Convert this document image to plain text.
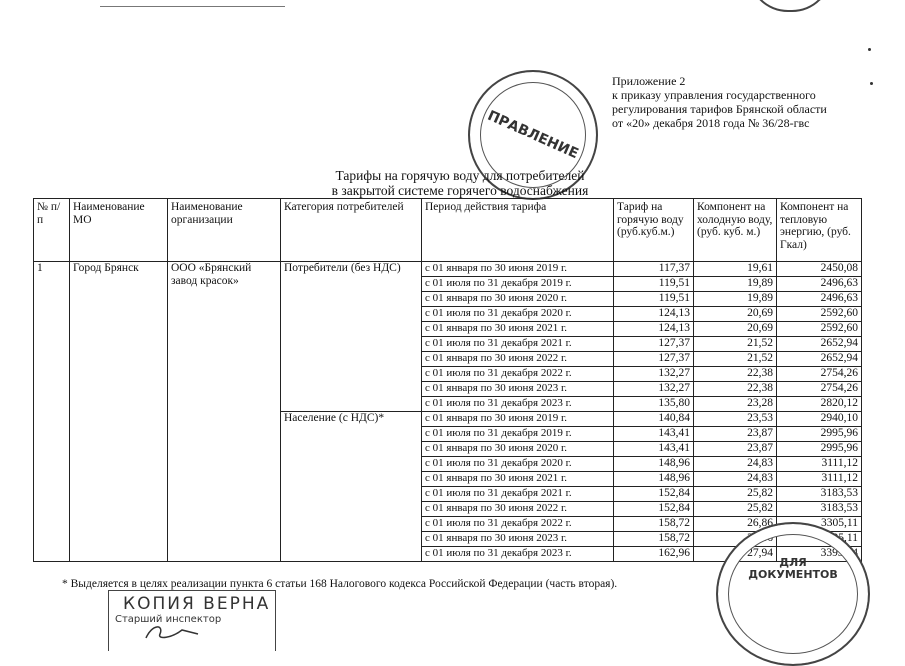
Приложение 2
к приказу управления государственного
регулирования тарифов Брянской области
от «20» декабря 2018 года № 36/28-гвс
ПРАВЛЕНИЕ
Тарифы на горячую воду для потребителей
в закрытой системе горячего водоснабжения
№ п/п	Наименование МО	Наименование организации	Категория потребителей	Период действия тарифа	Тариф на горячую воду (руб.куб.м.)	Компонент на холодную воду, (руб. куб. м.)	Компонент на тепловую энергию, (руб. Гкал)
1	Город Брянск	ООО «Брянский завод красок»	Потребители (без НДС)	с 01 января по 30 июня 2019 г.	117,37	19,61	2450,08
				с 01 июля по 31 декабря 2019 г.	119,51	19,89	2496,63
				с 01 января по 30 июня 2020 г.	119,51	19,89	2496,63
				с 01 июля по 31 декабря 2020 г.	124,13	20,69	2592,60
				с 01 января по 30 июня 2021 г.	124,13	20,69	2592,60
				с 01 июля по 31 декабря 2021 г.	127,37	21,52	2652,94
				с 01 января по 30 июня 2022 г.	127,37	21,52	2652,94
				с 01 июля по 31 декабря 2022 г.	132,27	22,38	2754,26
				с 01 января по 30 июня 2023 г.	132,27	22,38	2754,26
				с 01 июля по 31 декабря 2023 г.	135,80	23,28	2820,12
			Население (с НДС)*	с 01 января по 30 июня 2019 г.	140,84	23,53	2940,10
				с 01 июля по 31 декабря 2019 г.	143,41	23,87	2995,96
				с 01 января по 30 июня 2020 г.	143,41	23,87	2995,96
				с 01 июля по 31 декабря 2020 г.	148,96	24,83	3111,12
				с 01 января по 30 июня 2021 г.	148,96	24,83	3111,12
				с 01 июля по 31 декабря 2021 г.	152,84	25,82	3183,53
				с 01 января по 30 июня 2022 г.	152,84	25,82	3183,53
				с 01 июля по 31 декабря 2022 г.	158,72	26,86	3305,11
				с 01 января по 30 июня 2023 г.	158,72	26,86	3305,11
				с 01 июля по 31 декабря 2023 г.	162,96	27,94	3393,54
* Выделяется в целях реализации пункта 6 статьи 168 Налогового кодекса Российской Федерации (часть вторая).
КОПИЯ ВЕРНА
Старший инспектор
ДЛЯ
ДОКУМЕНТОВ
